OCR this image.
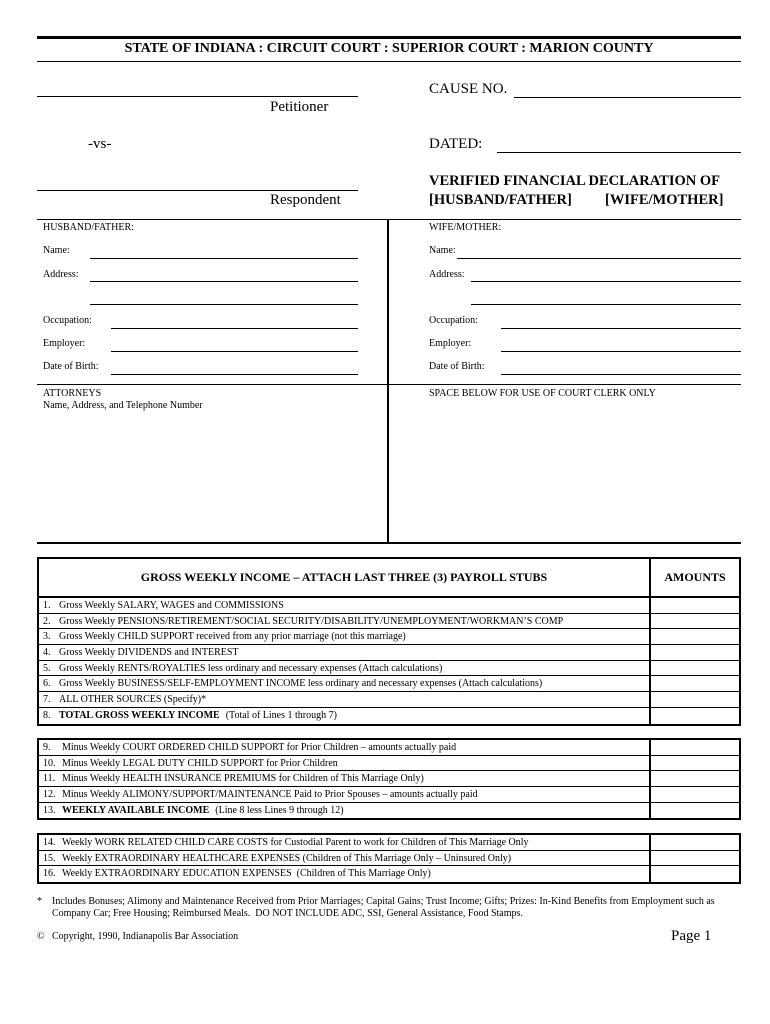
STATE OF INDIANA : CIRCUIT COURT : SUPERIOR COURT : MARION COUNTY
Petitioner
-vs-
Respondent
CAUSE NO.
DATED:
VERIFIED FINANCIAL DECLARATION OF
[HUSBAND/FATHER] [WIFE/MOTHER]
HUSBAND/FATHER:
Name:
Address:
Occupation:
Employer:
Date of Birth:
WIFE/MOTHER:
Name:
Address:
Occupation:
Employer:
Date of Birth:
ATTORNEYS
Name, Address, and Telephone Number
SPACE BELOW FOR USE OF COURT CLERK ONLY
GROSS WEEKLY INCOME – ATTACH LAST THREE (3) PAYROLL STUBS	AMOUNTS
1. Gross Weekly SALARY, WAGES and COMMISSIONS
2. Gross Weekly PENSIONS/RETIREMENT/SOCIAL SECURITY/DISABILITY/UNEMPLOYMENT/WORKMAN’S COMP
3. Gross Weekly CHILD SUPPORT received from any prior marriage (not this marriage)
4. Gross Weekly DIVIDENDS and INTEREST
5. Gross Weekly RENTS/ROYALTIES less ordinary and necessary expenses (Attach calculations)
6. Gross Weekly BUSINESS/SELF-EMPLOYMENT INCOME less ordinary and necessary expenses (Attach calculations)
7. ALL OTHER SOURCES (Specify)*
8. TOTAL GROSS WEEKLY INCOME (Total of Lines 1 through 7)
9. Minus Weekly COURT ORDERED CHILD SUPPORT for Prior Children – amounts actually paid
10. Minus Weekly LEGAL DUTY CHILD SUPPORT for Prior Children
11. Minus Weekly HEALTH INSURANCE PREMIUMS for Children of This Marriage Only)
12. Minus Weekly ALIMONY/SUPPORT/MAINTENANCE Paid to Prior Spouses – amounts actually paid
13. WEEKLY AVAILABLE INCOME (Line 8 less Lines 9 through 12)
14. Weekly WORK RELATED CHILD CARE COSTS for Custodial Parent to work for Children of This Marriage Only
15. Weekly EXTRAORDINARY HEALTHCARE EXPENSES (Children of This Marriage Only – Uninsured Only)
16. Weekly EXTRAORDINARY EDUCATION EXPENSES  (Children of This Marriage Only)
* Includes Bonuses; Alimony and Maintenance Received from Prior Marriages; Capital Gains; Trust Income; Gifts; Prizes: In-Kind Benefits from Employment such as
Company Car; Free Housing; Reimbursed Meals.  DO NOT INCLUDE ADC, SSI, General Assistance, Food Stamps.
© Copyright, 1990, Indianapolis Bar Association	Page 1
